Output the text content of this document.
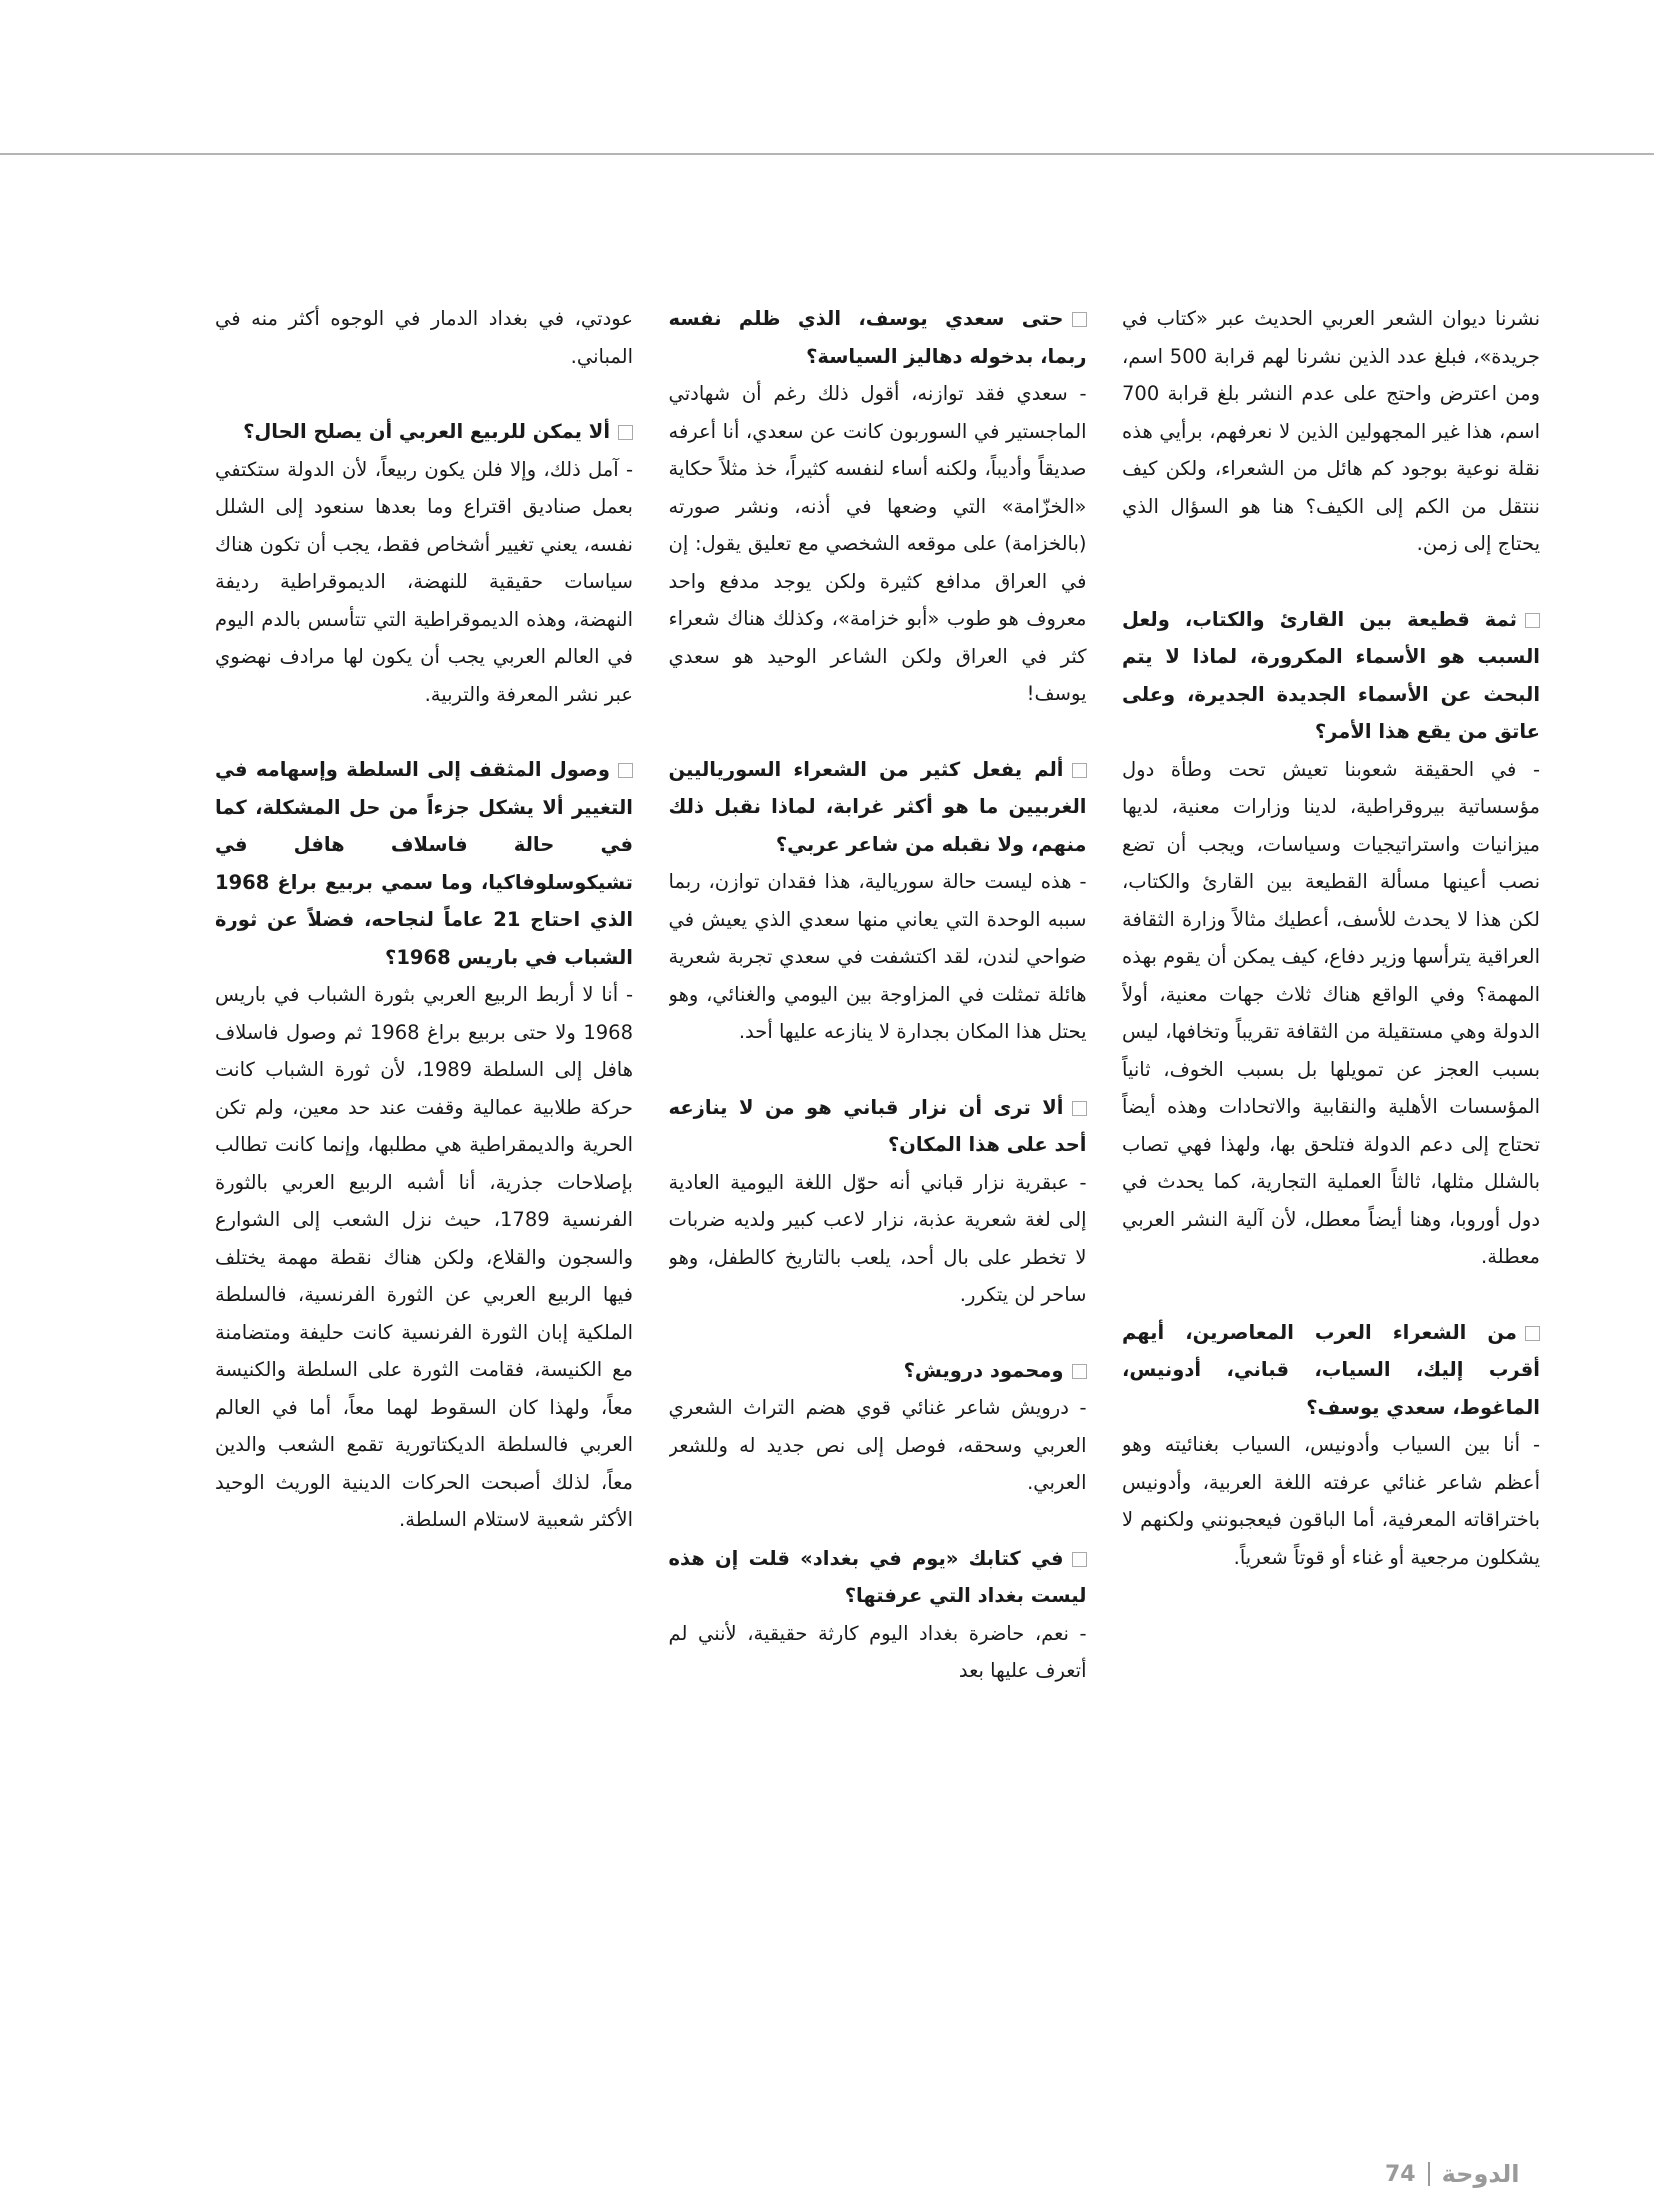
نشرنا ديوان الشعر العربي الحديث عبر «كتاب في جريدة»، فبلغ عدد الذين نشرنا لهم قرابة 500 اسم، ومن اعترض واحتج على عدم النشر بلغ قرابة 700 اسم، هذا غير المجهولين الذين لا نعرفهم، برأيي هذه نقلة نوعية بوجود كم هائل من الشعراء، ولكن كيف ننتقل من الكم إلى الكيف؟ هنا هو السؤال الذي يحتاج إلى زمن.

ثمة قطيعة بين القارئ والكتاب، ولعل السبب هو الأسماء المكرورة، لماذا لا يتم البحث عن الأسماء الجديدة الجديرة، وعلى عاتق من يقع هذا الأمر؟

- في الحقيقة شعوبنا تعيش تحت وطأة دول مؤسساتية بيروقراطية، لدينا وزارات معنية، لديها ميزانيات واستراتيجيات وسياسات، ويجب أن تضع نصب أعينها مسألة القطيعة بين القارئ والكتاب، لكن هذا لا يحدث للأسف، أعطيك مثالاً وزارة الثقافة العراقية يترأسها وزير دفاع، كيف يمكن أن يقوم بهذه المهمة؟ وفي الواقع هناك ثلاث جهات معنية، أولاً الدولة وهي مستقيلة من الثقافة تقريباً وتخافها، ليس بسبب العجز عن تمويلها بل بسبب الخوف، ثانياً المؤسسات الأهلية والنقابية والاتحادات وهذه أيضاً تحتاج إلى دعم الدولة فتلحق بها، ولهذا فهي تصاب بالشلل مثلها، ثالثاً العملية التجارية، كما يحدث في دول أوروبا، وهنا أيضاً معطل، لأن آلية النشر العربي معطلة.

من الشعراء العرب المعاصرين، أيهم أقرب إليك، السياب، قباني، أدونيس، الماغوط، سعدي يوسف؟

- أنا بين السياب وأدونيس، السياب بغنائيته وهو أعظم شاعر غنائي عرفته اللغة العربية، وأدونيس باختراقاته المعرفية، أما الباقون فيعجبونني ولكنهم لا يشكلون مرجعية أو غناء أو قوتاً شعرياً.

حتى سعدي يوسف، الذي ظلم نفسه ربما، بدخوله دهاليز السياسة؟

- سعدي فقد توازنه، أقول ذلك رغم أن شهادتي الماجستير في السوربون كانت عن سعدي، أنا أعرفه صديقاً وأديباً، ولكنه أساء لنفسه كثيراً، خذ مثلاً حكاية «الخزّامة» التي وضعها في أذنه، ونشر صورته (بالخزامة) على موقعه الشخصي مع تعليق يقول: إن في العراق مدافع كثيرة ولكن يوجد مدفع واحد معروف هو طوب «أبو خزامة»، وكذلك هناك شعراء كثر في العراق ولكن الشاعر الوحيد هو سعدي يوسف!

ألم يفعل كثير من الشعراء السورياليين الغربيين ما هو أكثر غرابة، لماذا نقبل ذلك منهم، ولا نقبله من شاعر عربي؟

- هذه ليست حالة سوريالية، هذا فقدان توازن، ربما سببه الوحدة التي يعاني منها سعدي الذي يعيش في ضواحي لندن، لقد اكتشفت في سعدي تجربة شعرية هائلة تمثلت في المزاوجة بين اليومي والغنائي، وهو يحتل هذا المكان بجدارة لا ينازعه عليها أحد.

ألا ترى أن نزار قباني هو من لا ينازعه أحد على هذا المكان؟

- عبقرية نزار قباني أنه حوّل اللغة اليومية العادية إلى لغة شعرية عذبة، نزار لاعب كبير ولديه ضربات لا تخطر على بال أحد، يلعب بالتاريخ كالطفل، وهو ساحر لن يتكرر.

ومحمود درويش؟

- درويش شاعر غنائي قوي هضم التراث الشعري العربي وسحقه، فوصل إلى نص جديد له وللشعر العربي.

في كتابك «يوم في بغداد» قلت إن هذه ليست بغداد التي عرفتها؟

- نعم، حاضرة بغداد اليوم كارثة حقيقية، لأنني لم أتعرف عليها بعد

عودتي، في بغداد الدمار في الوجوه أكثر منه في المباني.

ألا يمكن للربيع العربي أن يصلح الحال؟

- آمل ذلك، وإلا فلن يكون ربيعاً، لأن الدولة ستكتفي بعمل صناديق اقتراع وما بعدها سنعود إلى الشلل نفسه، يعني تغيير أشخاص فقط، يجب أن تكون هناك سياسات حقيقية للنهضة، الديموقراطية رديفة النهضة، وهذه الديموقراطية التي تتأسس بالدم اليوم في العالم العربي يجب أن يكون لها مرادف نهضوي عبر نشر المعرفة والتربية.

وصول المثقف إلى السلطة وإسهامه في التغيير ألا يشكل جزءاً من حل المشكلة، كما في حالة فاسلاف هافل في تشيكوسلوفاكيا، وما سمي بربيع براغ 1968 الذي احتاج 21 عاماً لنجاحه، فضلاً عن ثورة الشباب في باريس 1968؟

- أنا لا أربط الربيع العربي بثورة الشباب في باريس 1968 ولا حتى بربيع براغ 1968 ثم وصول فاسلاف هافل إلى السلطة 1989، لأن ثورة الشباب كانت حركة طلابية عمالية وقفت عند حد معين، ولم تكن الحرية والديمقراطية هي مطلبها، وإنما كانت تطالب بإصلاحات جذرية، أنا أشبه الربيع العربي بالثورة الفرنسية 1789، حيث نزل الشعب إلى الشوارع والسجون والقلاع، ولكن هناك نقطة مهمة يختلف فيها الربيع العربي عن الثورة الفرنسية، فالسلطة الملكية إبان الثورة الفرنسية كانت حليفة ومتضامنة مع الكنيسة، فقامت الثورة على السلطة والكنيسة معاً، ولهذا كان السقوط لهما معاً، أما في العالم العربي فالسلطة الديكتاتورية تقمع الشعب والدين معاً، لذلك أصبحت الحركات الدينية الوريث الوحيد الأكثر شعبية لاستلام السلطة.

74 الدوحة
